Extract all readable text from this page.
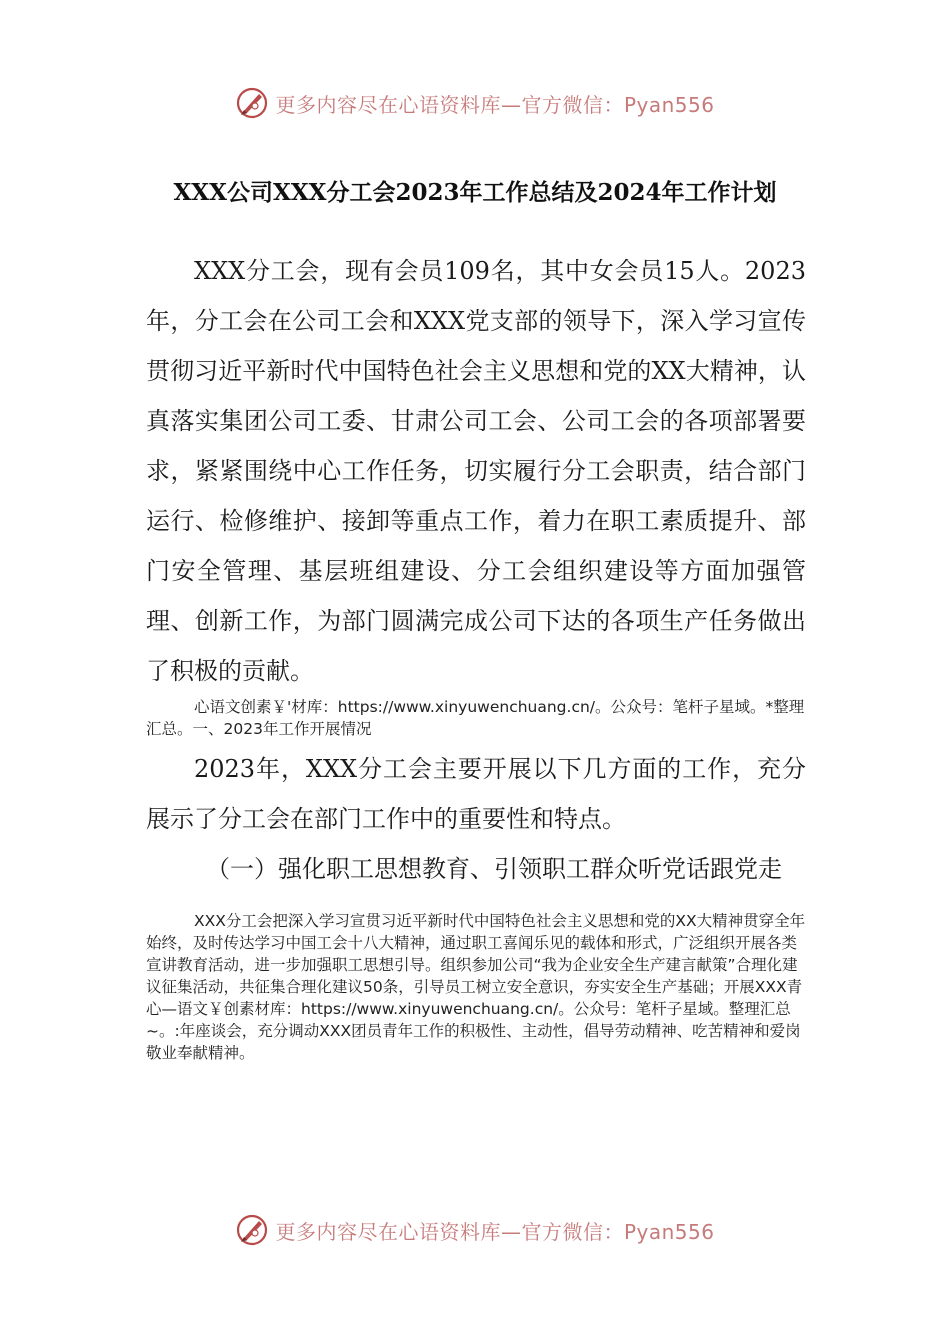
更多内容尽在心语资料库—官方微信：Pyan556
XXX公司XXX分工会2023年工作总结及2024年工作计划

XXX分工会，现有会员109名，其中女会员15人。2023年，分工会在公司工会和XXX党支部的领导下，深入学习宣传贯彻习近平新时代中国特色社会主义思想和党的XX大精神，认真落实集团公司工委、甘肃公司工会、公司工会的各项部署要求，紧紧围绕中心工作任务，切实履行分工会职责，结合部门运行、检修维护、接卸等重点工作，着力在职工素质提升、部门安全管理、基层班组建设、分工会组织建设等方面加强管理、创新工作，为部门圆满完成公司下达的各项生产任务做出了积极的贡献。

心语文创素￥'材库：https://www.xinyuwenchuang.cn/。公众号：笔杆子星域。*整理汇总。一、2023年工作开展情况

2023年，XXX分工会主要开展以下几方面的工作，充分展示了分工会在部门工作中的重要性和特点。

（一）强化职工思想教育、引领职工群众听党话跟党走

XXX分工会把深入学习宣贯习近平新时代中国特色社会主义思想和党的XX大精神贯穿全年始终，及时传达学习中国工会十八大精神，通过职工喜闻乐见的载体和形式，广泛组织开展各类宣讲教育活动，进一步加强职工思想引导。组织参加公司“我为企业安全生产建言献策”合理化建议征集活动，共征集合理化建议50条，引导员工树立安全意识，夯实安全生产基础；开展XXX青心—语文￥创素材库：https://www.xinyuwenchuang.cn/。公众号：笔杆子星域。整理汇总~。:年座谈会，充分调动XXX团员青年工作的积极性、主动性，倡导劳动精神、吃苦精神和爱岗敬业奉献精神。

更多内容尽在心语资料库—官方微信：Pyan556
